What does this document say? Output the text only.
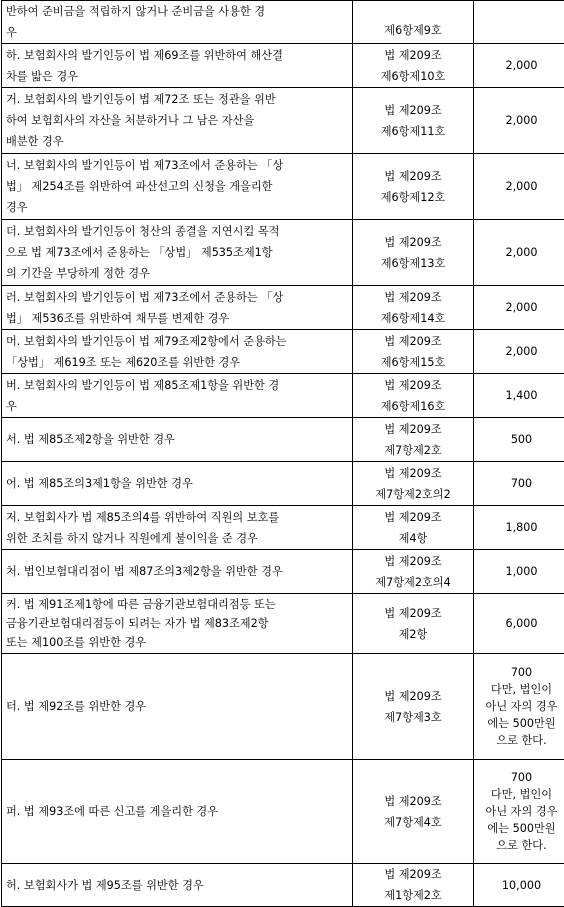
반하여 준비금을 적립하지 않거나 준비금을 사용한 경
우	제6항제9호	

하. 보험회사의 발기인등이 법 제69조를 위반하여 해산결
차를 밟은 경우	법 제209조
제6항제10호	2,000

거. 보험회사의 발기인등이 법 제72조 또는 정관을 위반
하여 보험회사의 자산을 처분하거나 그 남은 자산을
배분한 경우	법 제209조
제6항제11호	2,000

너. 보험회사의 발기인등이 법 제73조에서 준용하는 「상
법」 제254조를 위반하여 파산선고의 신청을 게을리한
경우	법 제209조
제6항제12호	2,000

더. 보험회사의 발기인등이 청산의 종결을 지연시킬 목적
으로 법 제73조에서 준용하는 「상법」 제535조제1항
의 기간을 부당하게 정한 경우	법 제209조
제6항제13호	2,000

러. 보험회사의 발기인등이 법 제73조에서 준용하는 「상
법」 제536조를 위반하여 채무를 변제한 경우	법 제209조
제6항제14호	2,000

머. 보험회사의 발기인등이 법 제79조제2항에서 준용하는
「상법」 제619조 또는 제620조를 위반한 경우	법 제209조
제6항제15호	2,000

버. 보험회사의 발기인등이 법 제85조제1항을 위반한 경
우	법 제209조
제6항제16호	1,400

서. 법 제85조제2항을 위반한 경우	법 제209조
제7항제2호	500

어. 법 제85조의3제1항을 위반한 경우	법 제209조
제7항제2호의2	700

저. 보험회사가 법 제85조의4를 위반하여 직원의 보호를
위한 조치를 하지 않거나 직원에게 불이익을 준 경우	법 제209조
제4항	1,800

처. 법인보험대리점이 법 제87조의3제2항을 위반한 경우	법 제209조
제7항제2호의4	1,000

커. 법 제91조제1항에 따른 금융기관보험대리점등 또는
금융기관보험대리점등이 되려는 자가 법 제83조제2항
또는 제100조를 위반한 경우	법 제209조
제2항	6,000

터. 법 제92조를 위반한 경우	법 제209조
제7항제3호	700
다만, 법인이
아닌 자의 경우
에는 500만원
으로 한다.

퍼. 법 제93조에 따른 신고를 게을리한 경우	법 제209조
제7항제4호	700
다만, 법인이
아닌 자의 경우
에는 500만원
으로 한다.

허. 보험회사가 법 제95조를 위반한 경우	법 제209조
제1항제2호	10,000
